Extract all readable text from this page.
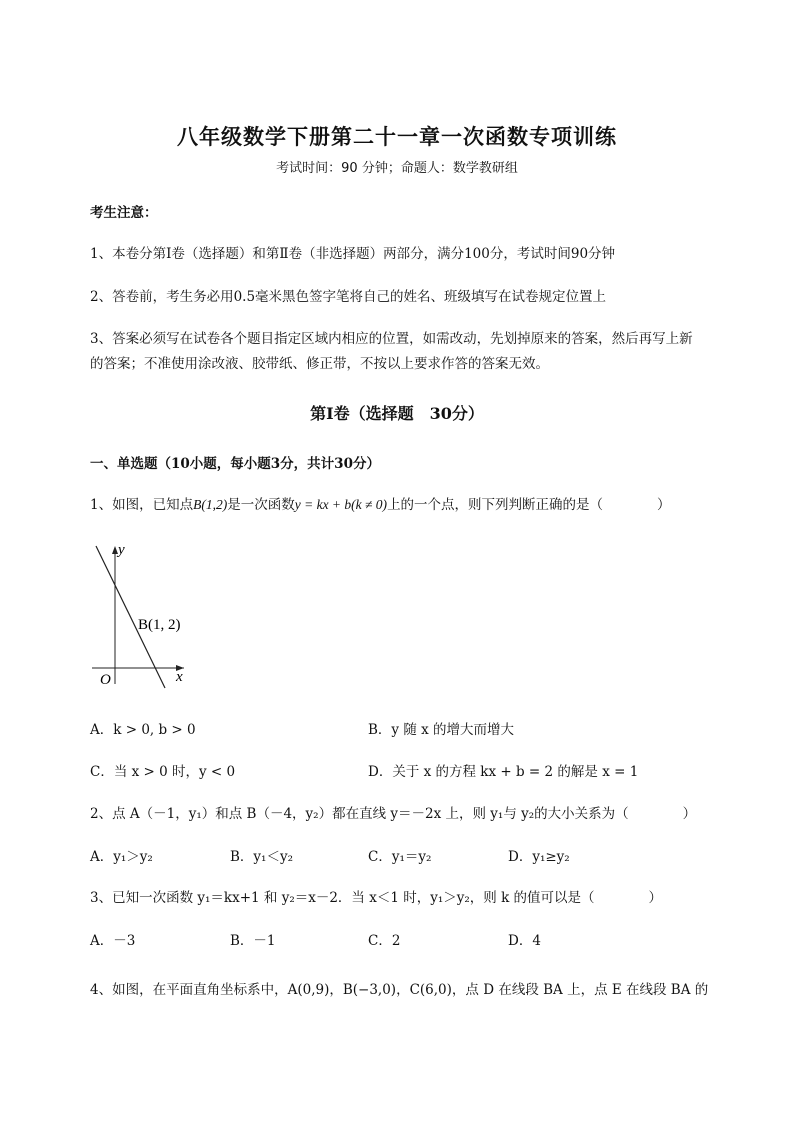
八年级数学下册第二十一章一次函数专项训练
考试时间：90 分钟；命题人：数学教研组
考生注意：
1、本卷分第Ⅰ卷（选择题）和第Ⅱ卷（非选择题）两部分，满分100分，考试时间90分钟
2、答卷前，考生务必用0.5毫米黑色签字笔将自己的姓名、班级填写在试卷规定位置上
3、答案必须写在试卷各个题目指定区域内相应的位置，如需改动，先划掉原来的答案，然后再写上新
的答案；不准使用涂改液、胶带纸、修正带，不按以上要求作答的答案无效。
第Ⅰ卷（选择题　30分）
一、单选题（10小题，每小题3分，共计30分）
1、如图，已知点B(1,2)是一次函数y = kx + b(k ≠ 0)上的一个点，则下列判断正确的是（　　　　）
y
x
O
B(1, 2)
A．k > 0, b > 0	B．y 随 x 的增大而增大
C．当 x > 0 时，y < 0	D．关于 x 的方程 kx + b = 2 的解是 x = 1
2、点 A（－1，y₁）和点 B（－4，y₂）都在直线 y＝－2x 上，则 y₁与 y₂的大小关系为（　　　　）
A．y₁＞y₂	B．y₁＜y₂	C．y₁＝y₂	D．y₁≥y₂
3、已知一次函数 y₁＝kx+1 和 y₂＝x－2．当 x＜1 时，y₁＞y₂，则 k 的值可以是（　　　　）
A．－3	B．－1	C．2	D．4
4、如图，在平面直角坐标系中，A(0,9)，B(−3,0)，C(6,0)，点 D 在线段 BA 上，点 E 在线段 BA 的
